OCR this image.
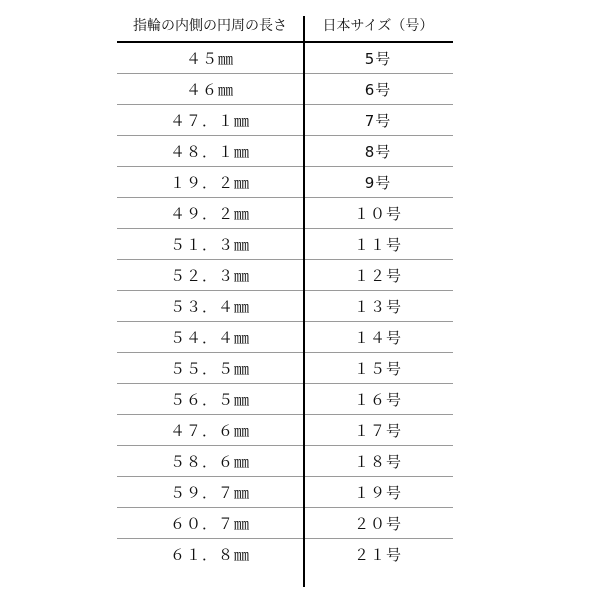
指輪の内側の円周の長さ	日本サイズ（号）
４５㎜	5号
４６㎜	6号
４７．１㎜	7号
４８．１㎜	8号
１９．２㎜	9号
４９．２㎜	１０号
５１．３㎜	１１号
５２．３㎜	１２号
５３．４㎜	１３号
５４．４㎜	１４号
５５．５㎜	１５号
５６．５㎜	１６号
４７．６㎜	１７号
５８．６㎜	１８号
５９．７㎜	１９号
６０．７㎜	２０号
６１．８㎜	２１号
